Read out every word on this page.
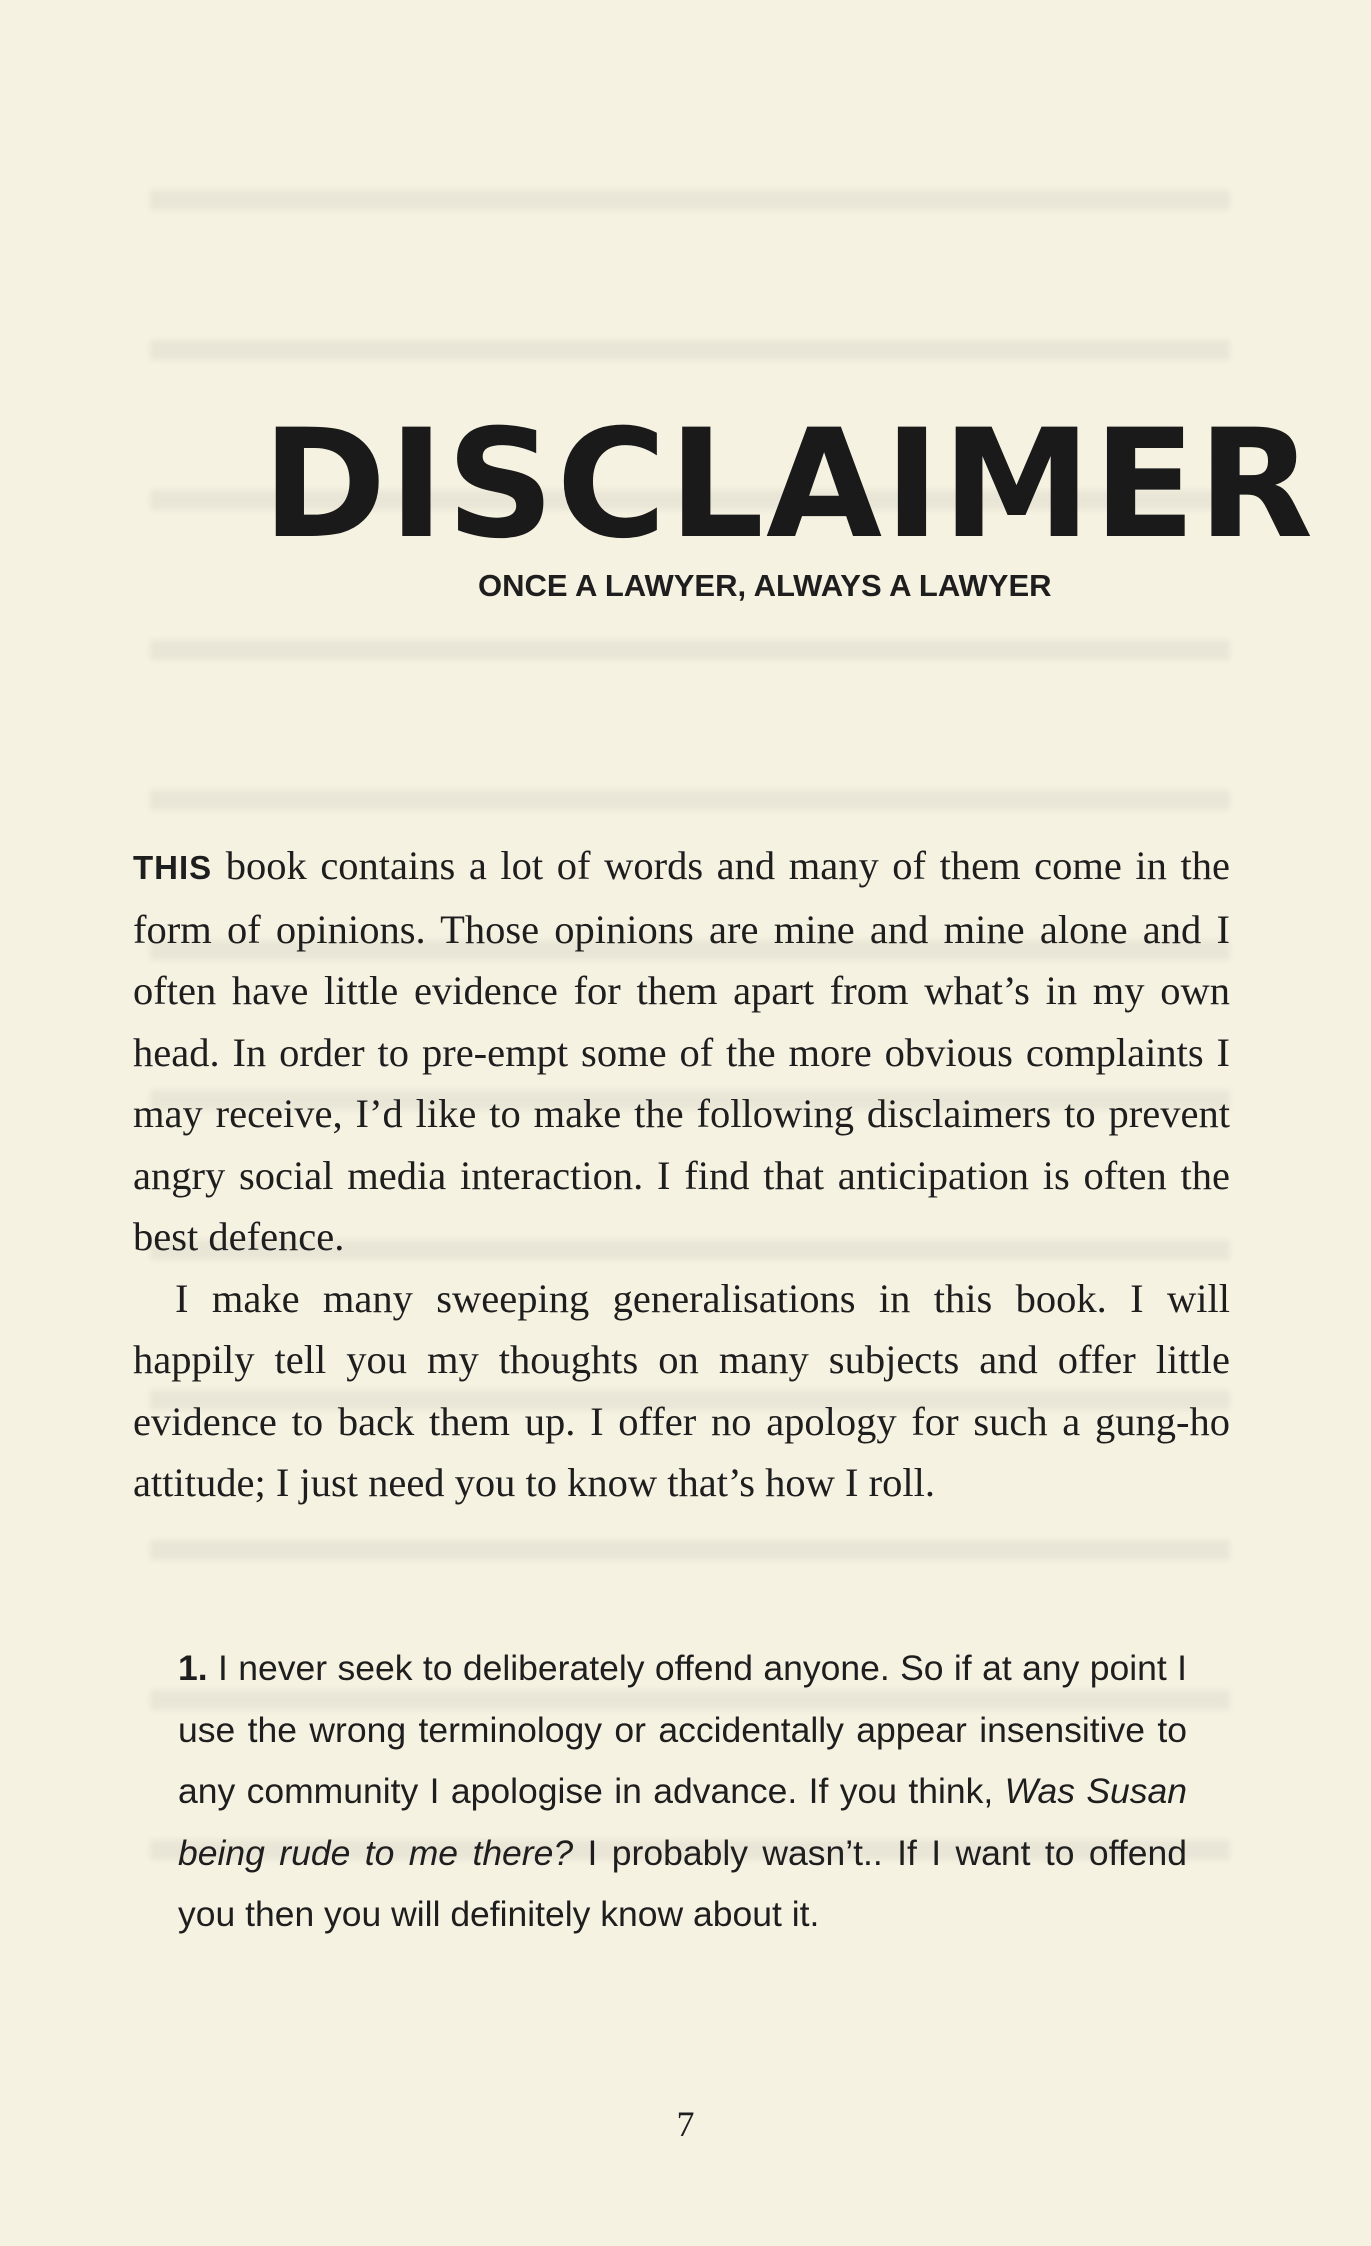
DISCLAIMER
ONCE A LAWYER, ALWAYS A LAWYER

THIS book contains a lot of words and many of them come in the form of opinions. Those opinions are mine and mine alone and I often have little evidence for them apart from what’s in my own head. In order to pre-empt some of the more obvious complaints I may receive, I’d like to make the following disclaimers to prevent angry social media interaction. I find that anticipation is often the best defence.

I make many sweeping generalisations in this book. I will happily tell you my thoughts on many subjects and offer little evidence to back them up. I offer no apology for such a gung-ho attitude; I just need you to know that’s how I roll.

1. I never seek to deliberately offend anyone. So if at any point I use the wrong terminology or accidentally appear insensitive to any community I apologise in advance. If you think, Was Susan being rude to me there? I probably wasn’t.. If I want to offend you then you will definitely know about it.

7
